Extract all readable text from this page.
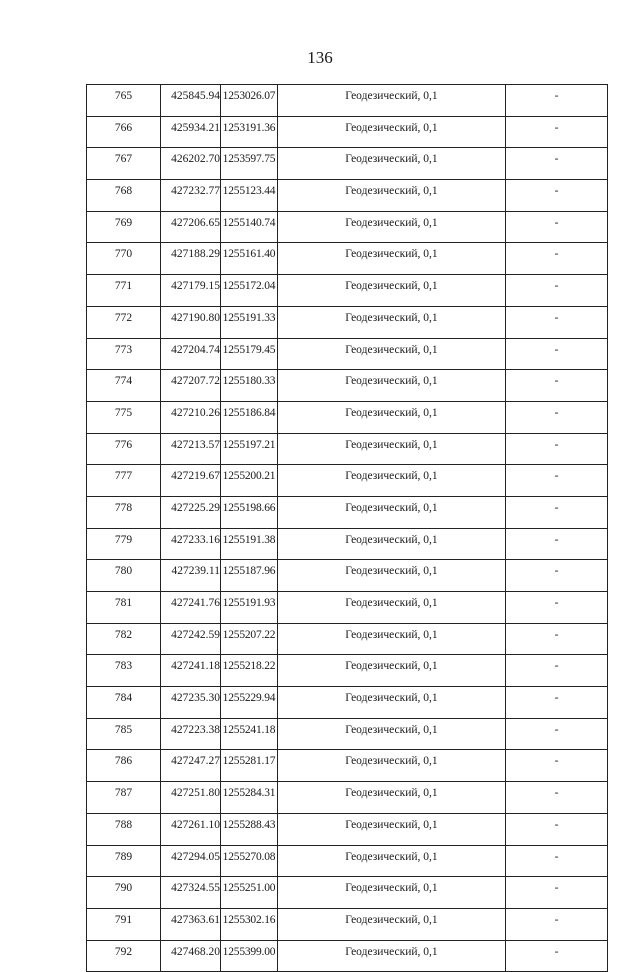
136
765	425845.94	1253026.07	Геодезический, 0,1	-
766	425934.21	1253191.36	Геодезический, 0,1	-
767	426202.70	1253597.75	Геодезический, 0,1	-
768	427232.77	1255123.44	Геодезический, 0,1	-
769	427206.65	1255140.74	Геодезический, 0,1	-
770	427188.29	1255161.40	Геодезический, 0,1	-
771	427179.15	1255172.04	Геодезический, 0,1	-
772	427190.80	1255191.33	Геодезический, 0,1	-
773	427204.74	1255179.45	Геодезический, 0,1	-
774	427207.72	1255180.33	Геодезический, 0,1	-
775	427210.26	1255186.84	Геодезический, 0,1	-
776	427213.57	1255197.21	Геодезический, 0,1	-
777	427219.67	1255200.21	Геодезический, 0,1	-
778	427225.29	1255198.66	Геодезический, 0,1	-
779	427233.16	1255191.38	Геодезический, 0,1	-
780	427239.11	1255187.96	Геодезический, 0,1	-
781	427241.76	1255191.93	Геодезический, 0,1	-
782	427242.59	1255207.22	Геодезический, 0,1	-
783	427241.18	1255218.22	Геодезический, 0,1	-
784	427235.30	1255229.94	Геодезический, 0,1	-
785	427223.38	1255241.18	Геодезический, 0,1	-
786	427247.27	1255281.17	Геодезический, 0,1	-
787	427251.80	1255284.31	Геодезический, 0,1	-
788	427261.10	1255288.43	Геодезический, 0,1	-
789	427294.05	1255270.08	Геодезический, 0,1	-
790	427324.55	1255251.00	Геодезический, 0,1	-
791	427363.61	1255302.16	Геодезический, 0,1	-
792	427468.20	1255399.00	Геодезический, 0,1	-
